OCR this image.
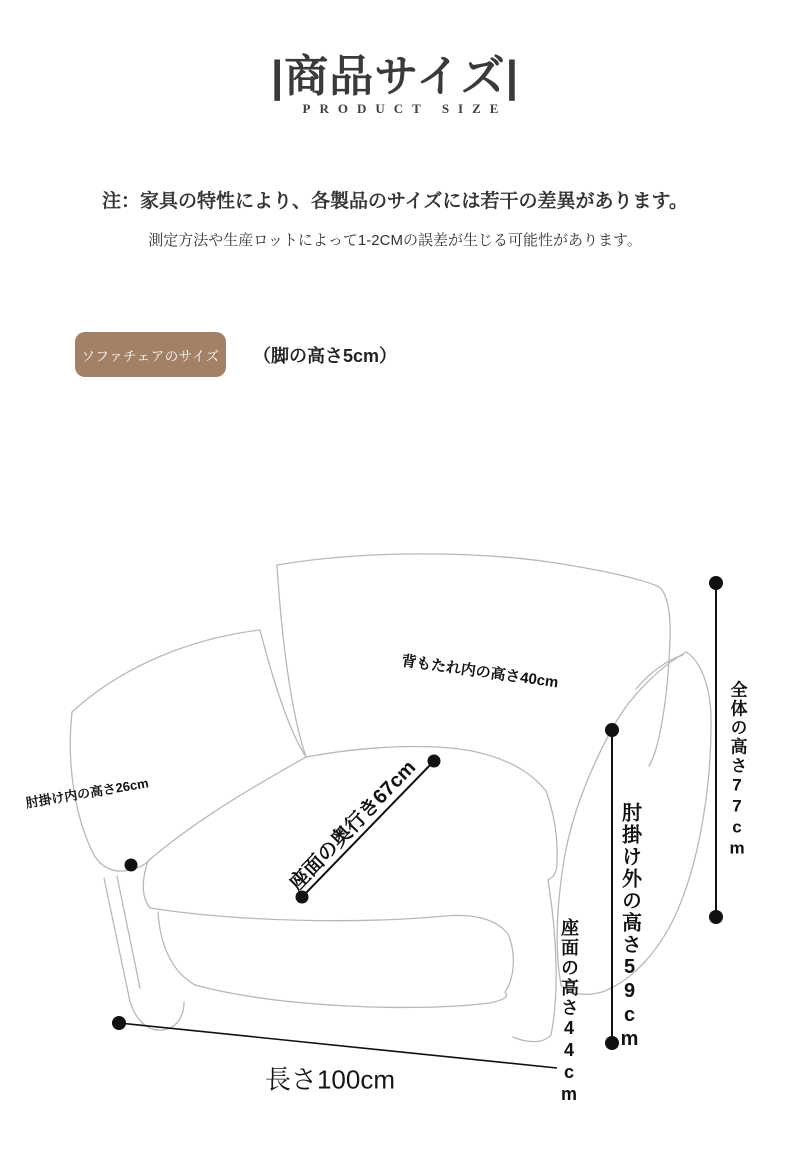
|商品サイズ|
PRODUCT SIZE
注：家具の特性により、各製品のサイズには若干の差異があります。
測定方法や生産ロットによって1-2CMの誤差が生じる可能性があります。
ソファチェアのサイズ （脚の高さ5cm）
背もたれ内の高さ40cm
肘掛け内の高さ26cm	座面の奥行き67cm	全体の高さ77cm
肘掛け外の高さ59cm
座面の高さ44cm
長さ100cm
